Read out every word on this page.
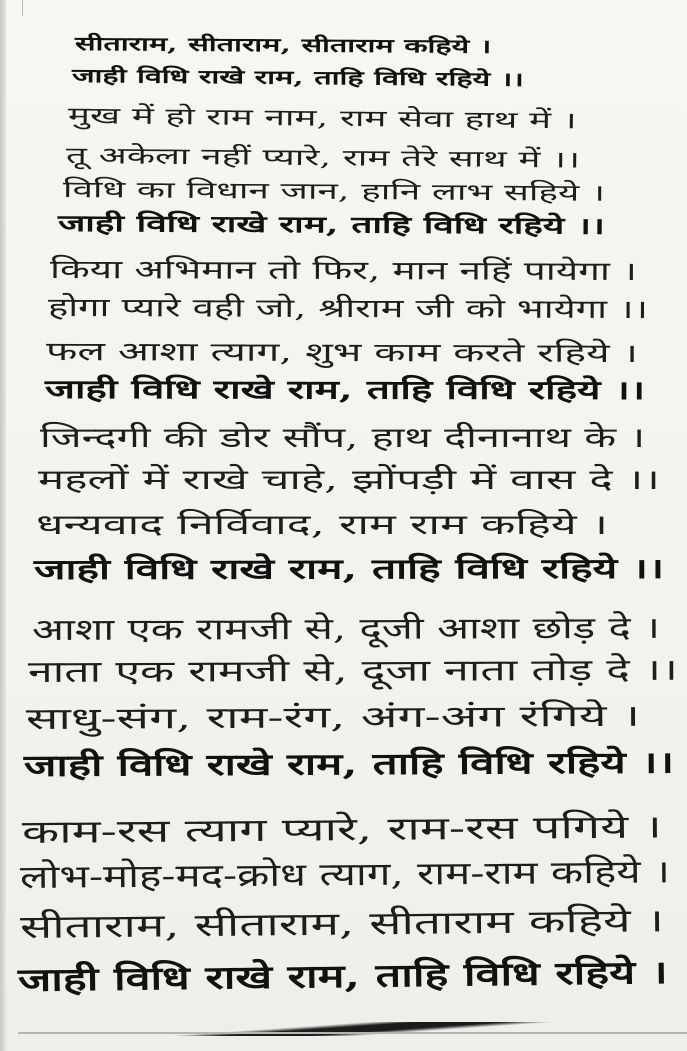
सीताराम, सीताराम, सीताराम कहिये ।
जाही विधि राखे राम, ताहि विधि रहिये ।।
मुख में हो राम नाम, राम सेवा हाथ में ।
तू अकेला नहीं प्यारे, राम तेरे साथ में ।।
विधि का विधान जान, हानि लाभ सहिये ।
जाही विधि राखे राम, ताहि विधि रहिये ।।
किया अभिमान तो फिर, मान नहिं पायेगा ।
होगा प्यारे वही जो, श्रीराम जी को भायेगा ।।
फल आशा त्याग, शुभ काम करते रहिये ।
जाही विधि राखे राम, ताहि विधि रहिये ।।
जिन्दगी की डोर सौंप, हाथ दीनानाथ के ।
महलों में राखे चाहे, झोंपड़ी में वास दे ।।
धन्यवाद निर्विवाद, राम राम कहिये ।
जाही विधि राखे राम, ताहि विधि रहिये ।।
आशा एक रामजी से, दूजी आशा छोड़ दे ।
नाता एक रामजी से, दूजा नाता तोड़ दे ।।
साधु-संग, राम-रंग, अंग-अंग रंगिये ।
जाही विधि राखे राम, ताहि विधि रहिये ।।
काम-रस त्याग प्यारे, राम-रस पगिये ।
लोभ-मोह-मद-क्रोध त्याग, राम-राम कहिये ।
सीताराम, सीताराम, सीताराम कहिये ।
जाही विधि राखे राम, ताहि विधि रहिये ।
